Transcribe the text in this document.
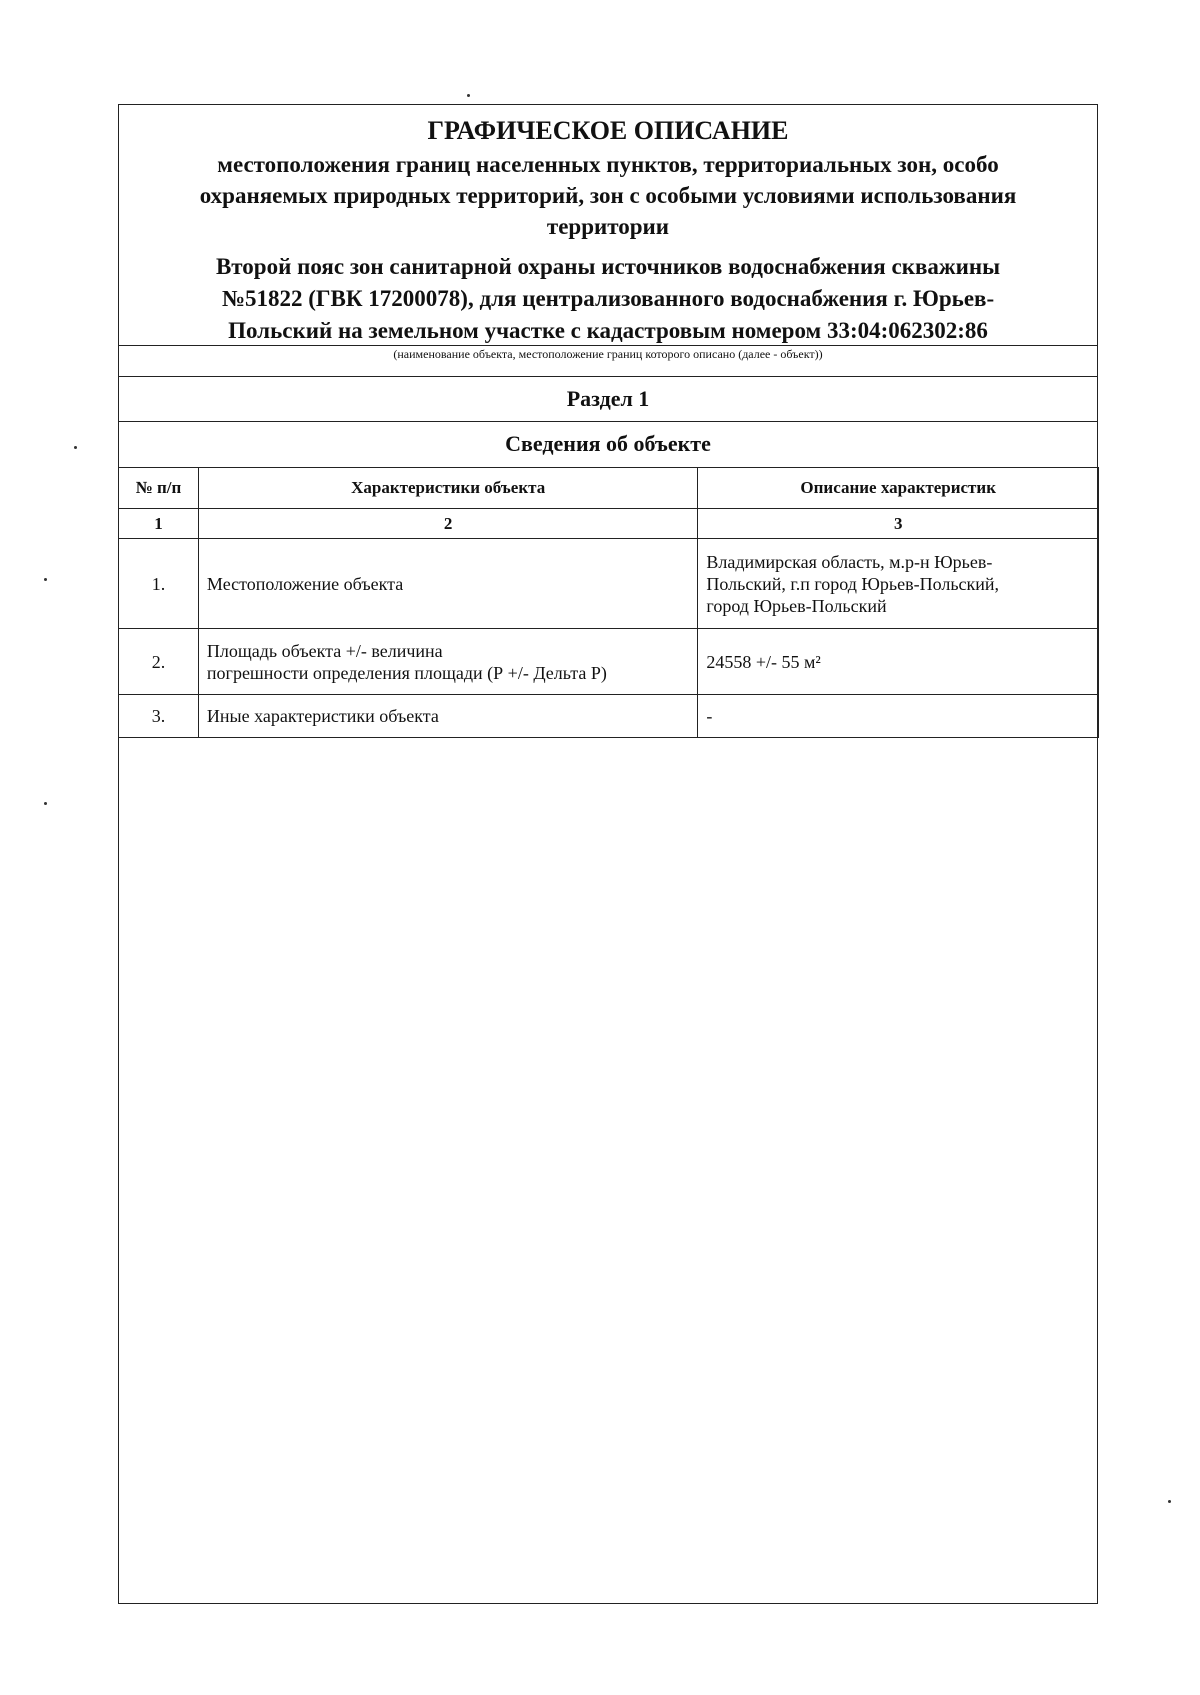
ГРАФИЧЕСКОЕ ОПИСАНИЕ
местоположения границ населенных пунктов, территориальных зон, особо
охраняемых природных территорий, зон с особыми условиями использования
территории
Второй пояс зон санитарной охраны источников водоснабжения скважины
№51822 (ГВК 17200078), для централизованного водоснабжения г. Юрьев-
Польский на земельном участке с кадастровым номером 33:04:062302:86
(наименование объекта, местоположение границ которого описано (далее - объект))
Раздел 1
Сведения об объекте
№ п/п	Характеристики объекта	Описание характеристик
1	2	3
1.	Местоположение объекта	Владимирская область, м.р-н Юрьев-
Польский, г.п город Юрьев-Польский,
город Юрьев-Польский

2.	Площадь объекта +/- величина
погрешности определения площади (Р +/- Дельта Р)	24558 +/- 55 м²

3.	Иные характеристики объекта	-
